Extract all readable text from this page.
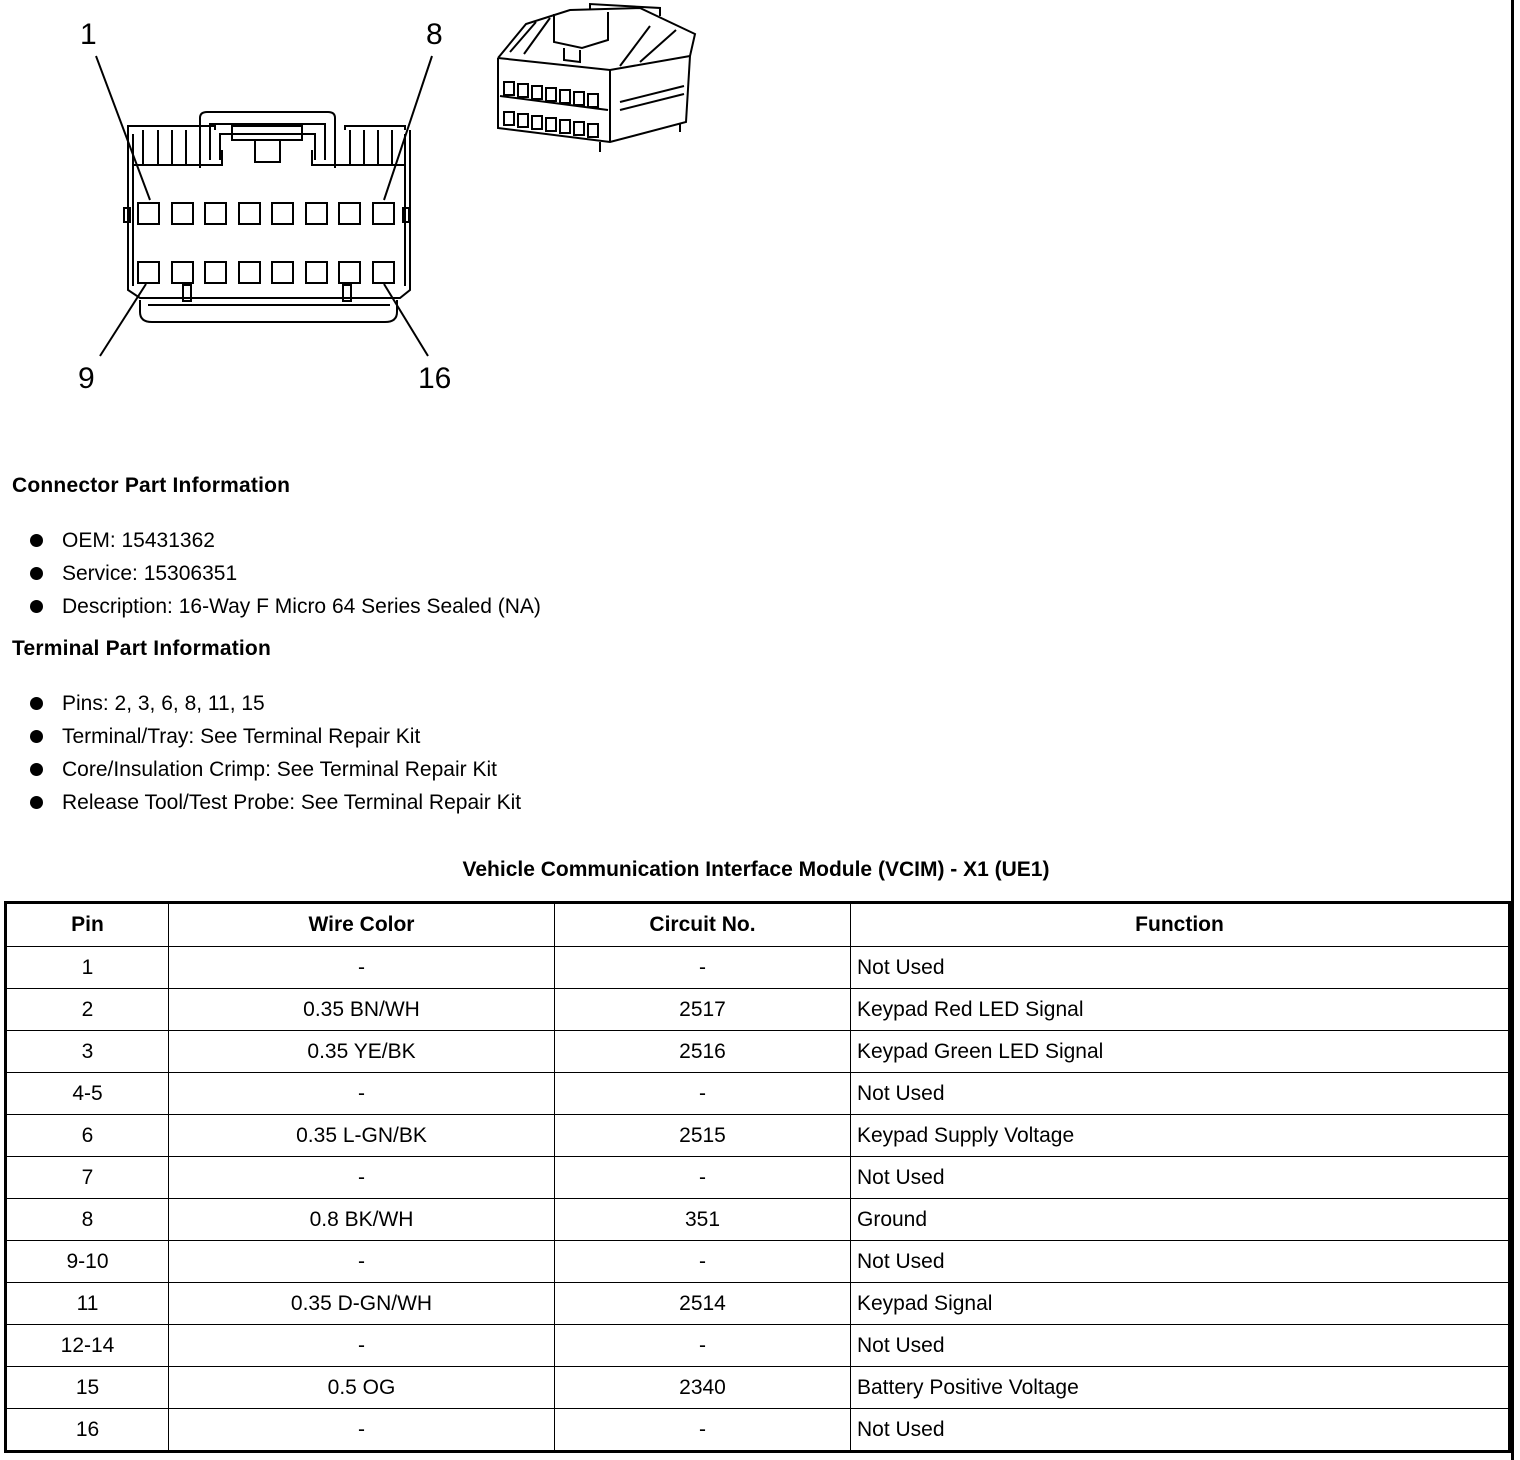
1	8
9	16
Connector Part Information
OEM: 15431362
Service: 15306351
Description: 16-Way F Micro 64 Series Sealed (NA)
Terminal Part Information
Pins: 2, 3, 6, 8, 11, 15
Terminal/Tray: See Terminal Repair Kit
Core/Insulation Crimp: See Terminal Repair Kit
Release Tool/Test Probe: See Terminal Repair Kit
Vehicle Communication Interface Module (VCIM) - X1 (UE1)
Pin	Wire Color	Circuit No.	Function
1	-	-	Not Used
2	0.35 BN/WH	2517	Keypad Red LED Signal
3	0.35 YE/BK	2516	Keypad Green LED Signal
4-5	-	-	Not Used
6	0.35 L-GN/BK	2515	Keypad Supply Voltage
7	-	-	Not Used
8	0.8 BK/WH	351	Ground
9-10	-	-	Not Used
11	0.35 D-GN/WH	2514	Keypad Signal
12-14	-	-	Not Used
15	0.5 OG	2340	Battery Positive Voltage
16	-	-	Not Used
